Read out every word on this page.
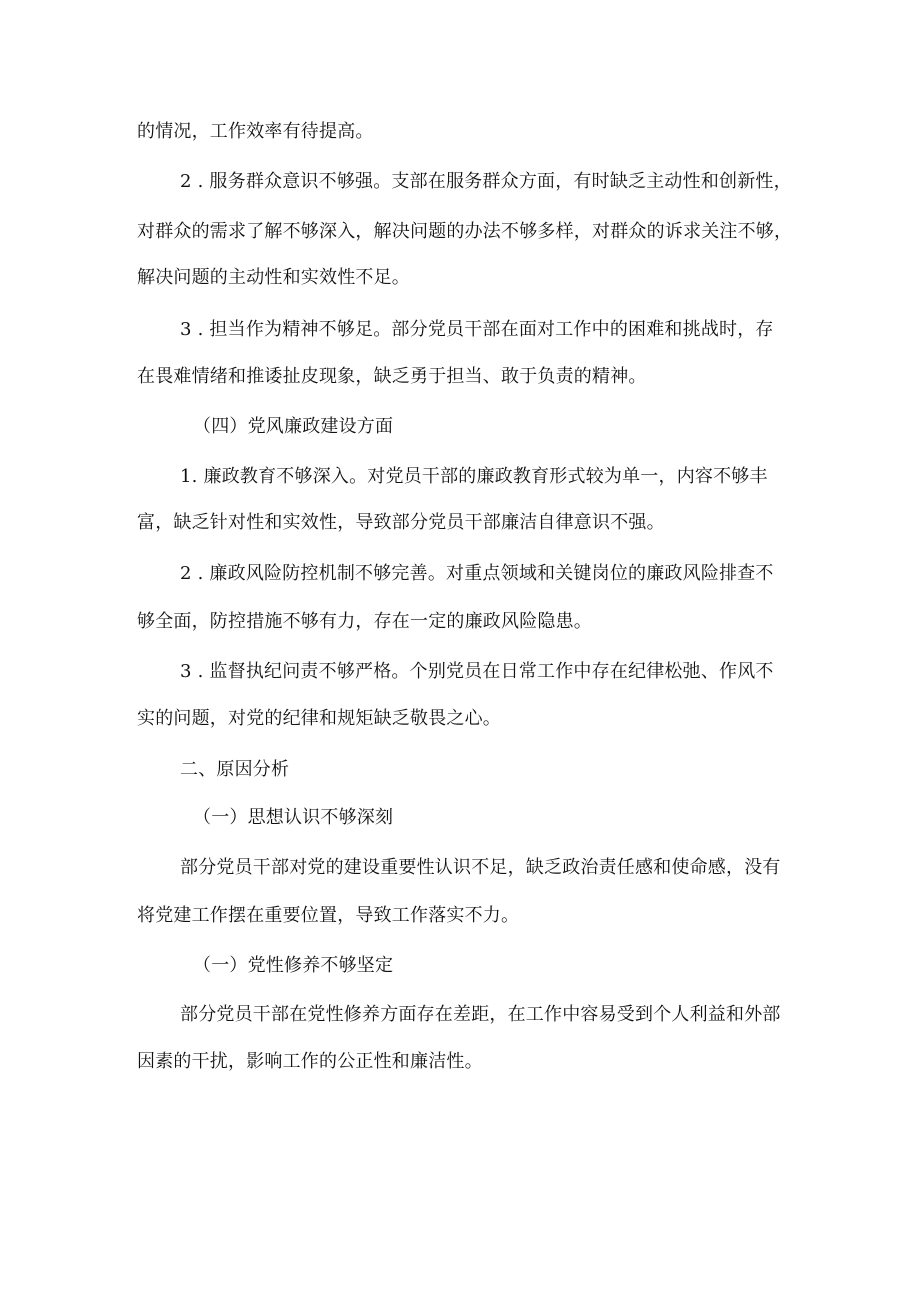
的情况，工作效率有待提高。
2 . 服务群众意识不够强。支部在服务群众方面，有时缺乏主动性和创新性，
对群众的需求了解不够深入，解决问题的办法不够多样，对群众的诉求关注不够，
解决问题的主动性和实效性不足。
3 . 担当作为精神不够足。部分党员干部在面对工作中的困难和挑战时，存
在畏难情绪和推诿扯皮现象，缺乏勇于担当、敢于负责的精神。
（四）党风廉政建设方面
1. 廉政教育不够深入。对党员干部的廉政教育形式较为单一，内容不够丰
富，缺乏针对性和实效性，导致部分党员干部廉洁自律意识不强。
2 . 廉政风险防控机制不够完善。对重点领域和关键岗位的廉政风险排查不
够全面，防控措施不够有力，存在一定的廉政风险隐患。
3 . 监督执纪问责不够严格。个别党员在日常工作中存在纪律松弛、作风不
实的问题，对党的纪律和规矩缺乏敬畏之心。
二、原因分析
（一）思想认识不够深刻
部分党员干部对党的建设重要性认识不足，缺乏政治责任感和使命感，没有
将党建工作摆在重要位置，导致工作落实不力。
（一）党性修养不够坚定
部分党员干部在党性修养方面存在差距，在工作中容易受到个人利益和外部
因素的干扰，影响工作的公正性和廉洁性。
